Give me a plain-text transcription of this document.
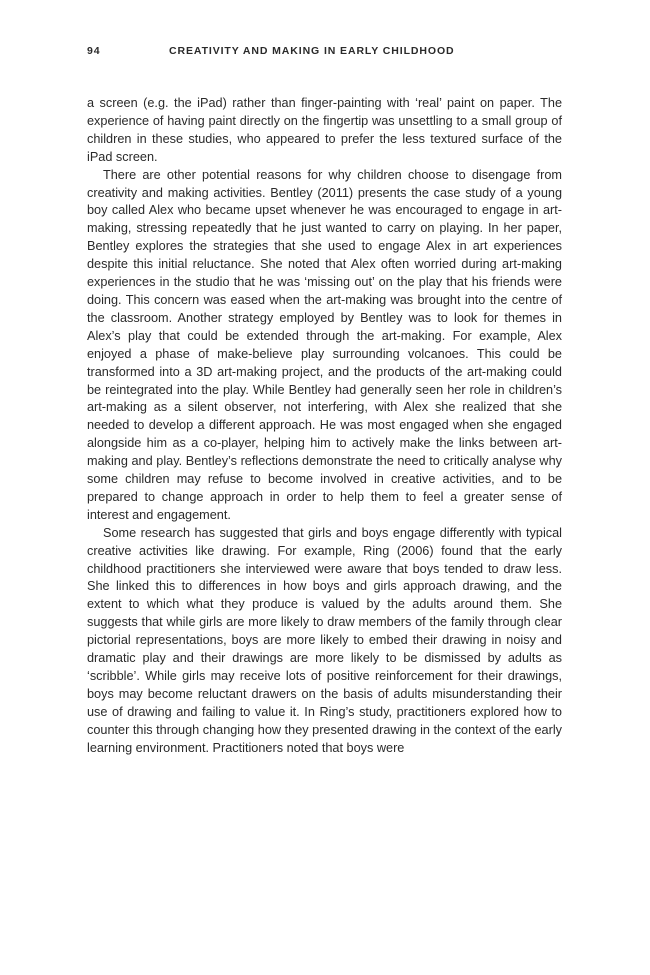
94	CREATIVITY AND MAKING IN EARLY CHILDHOOD

a screen (e.g. the iPad) rather than finger-painting with ‘real’ paint on paper. The experience of having paint directly on the fingertip was unsettling to a small group of children in these studies, who appeared to prefer the less textured surface of the iPad screen.

There are other potential reasons for why children choose to disengage from creativity and making activities. Bentley (2011) presents the case study of a young boy called Alex who became upset whenever he was encouraged to engage in art-making, stressing repeatedly that he just wanted to carry on playing. In her paper, Bentley explores the strategies that she used to engage Alex in art experiences despite this initial reluctance. She noted that Alex often worried during art-making experiences in the studio that he was ‘missing out’ on the play that his friends were doing. This concern was eased when the art-making was brought into the centre of the classroom. Another strategy employed by Bentley was to look for themes in Alex’s play that could be extended through the art-making. For example, Alex enjoyed a phase of make-believe play surrounding volcanoes. This could be transformed into a 3D art-making project, and the products of the art-making could be reintegrated into the play. While Bentley had generally seen her role in children’s art-making as a silent observer, not interfering, with Alex she realized that she needed to develop a different approach. He was most engaged when she engaged alongside him as a co-player, helping him to actively make the links between art-making and play. Bentley’s reflections demonstrate the need to critically analyse why some children may refuse to become involved in creative activities, and to be prepared to change approach in order to help them to feel a greater sense of interest and engagement.

Some research has suggested that girls and boys engage differently with typical creative activities like drawing. For example, Ring (2006) found that the early childhood practitioners she interviewed were aware that boys tended to draw less. She linked this to differences in how boys and girls approach drawing, and the extent to which what they produce is valued by the adults around them. She suggests that while girls are more likely to draw members of the family through clear pictorial representations, boys are more likely to embed their drawing in noisy and dramatic play and their drawings are more likely to be dismissed by adults as ‘scribble’. While girls may receive lots of positive reinforcement for their drawings, boys may become reluctant drawers on the basis of adults misunderstanding their use of drawing and failing to value it. In Ring’s study, practitioners explored how to counter this through changing how they presented drawing in the context of the early learning environment. Practitioners noted that boys were
